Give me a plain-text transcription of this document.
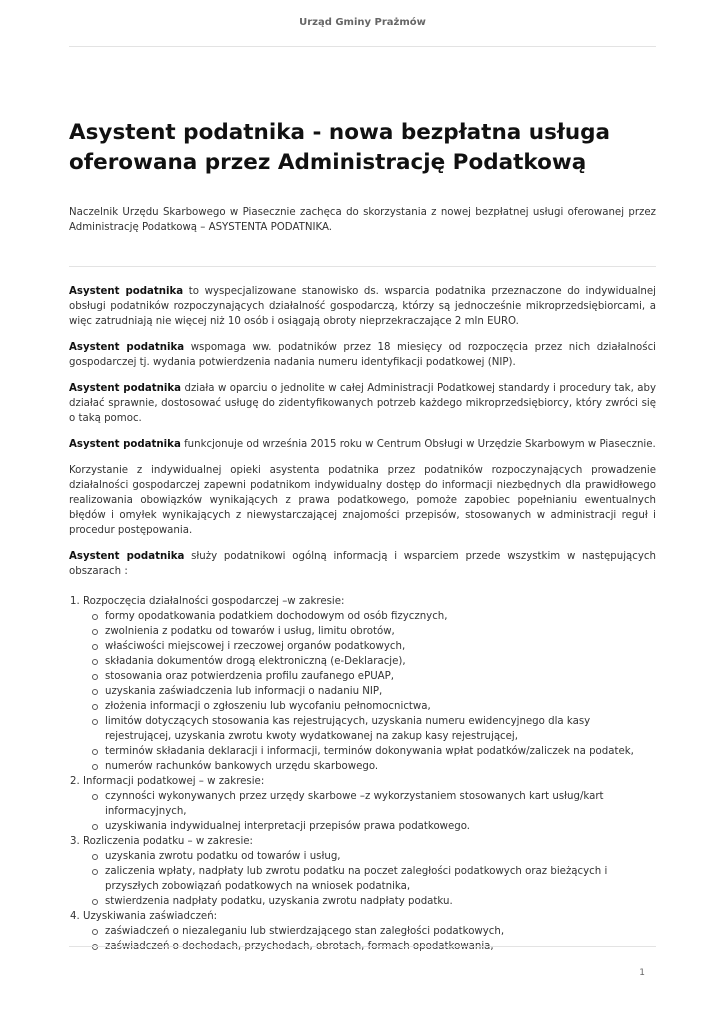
Urząd Gminy Prażmów
Asystent podatnika - nowa bezpłatna usługa
oferowana przez Administrację Podatkową

Naczelnik Urzędu Skarbowego w Piasecznie zachęca do skorzystania z nowej bezpłatnej usługi oferowanej przez Administrację Podatkową – ASYSTENTA PODATNIKA.

Asystent podatnika to wyspecjalizowane stanowisko ds. wsparcia podatnika przeznaczone do indywidualnej obsługi podatników rozpoczynających działalność gospodarczą, którzy są jednocześnie mikroprzedsiębiorcami, a więc zatrudniają nie więcej niż 10 osób i osiągają obroty nieprzekraczające 2 mln EURO.

Asystent podatnika wspomaga ww. podatników przez 18 miesięcy od rozpoczęcia przez nich działalności gospodarczej tj. wydania potwierdzenia nadania numeru identyfikacji podatkowej (NIP).

Asystent podatnika działa w oparciu o jednolite w całej Administracji Podatkowej standardy i procedury tak, aby działać sprawnie, dostosować usługę do zidentyfikowanych potrzeb każdego mikroprzedsiębiorcy, który zwróci się o taką pomoc.

Asystent podatnika funkcjonuje od września 2015 roku w Centrum Obsługi w Urzędzie Skarbowym w Piasecznie.

Korzystanie z indywidualnej opieki asystenta podatnika przez podatników rozpoczynających prowadzenie działalności gospodarczej zapewni podatnikom indywidualny dostęp do informacji niezbędnych dla prawidłowego realizowania obowiązków wynikających z prawa podatkowego, pomoże zapobiec popełnianiu ewentualnych błędów i omyłek wynikających z niewystarczającej znajomości przepisów, stosowanych w administracji reguł i procedur postępowania.

Asystent podatnika służy podatnikowi ogólną informacją i wsparciem przede wszystkim w następujących obszarach :

1. Rozpoczęcia działalności gospodarczej –w zakresie:
formy opodatkowania podatkiem dochodowym od osób fizycznych,
zwolnienia z podatku od towarów i usług, limitu obrotów,
właściwości miejscowej i rzeczowej organów podatkowych,
składania dokumentów drogą elektroniczną (e-Deklaracje),
stosowania oraz potwierdzenia profilu zaufanego ePUAP,
uzyskania zaświadczenia lub informacji o nadaniu NIP,
złożenia informacji o zgłoszeniu lub wycofaniu pełnomocnictwa,
limitów dotyczących stosowania kas rejestrujących, uzyskania numeru ewidencyjnego dla kasy rejestrującej, uzyskania zwrotu kwoty wydatkowanej na zakup kasy rejestrującej,
terminów składania deklaracji i informacji, terminów dokonywania wpłat podatków/zaliczek na podatek,
numerów rachunków bankowych urzędu skarbowego.
2. Informacji podatkowej – w zakresie:
czynności wykonywanych przez urzędy skarbowe –z wykorzystaniem stosowanych kart usług/kart informacyjnych,
uzyskiwania indywidualnej interpretacji przepisów prawa podatkowego.
3. Rozliczenia podatku – w zakresie:
uzyskania zwrotu podatku od towarów i usług,
zaliczenia wpłaty, nadpłaty lub zwrotu podatku na poczet zaległości podatkowych oraz bieżących i przyszłych zobowiązań podatkowych na wniosek podatnika,
stwierdzenia nadpłaty podatku, uzyskania zwrotu nadpłaty podatku.
4. Uzyskiwania zaświadczeń:
zaświadczeń o niezaleganiu lub stwierdzającego stan zaległości podatkowych,
1
